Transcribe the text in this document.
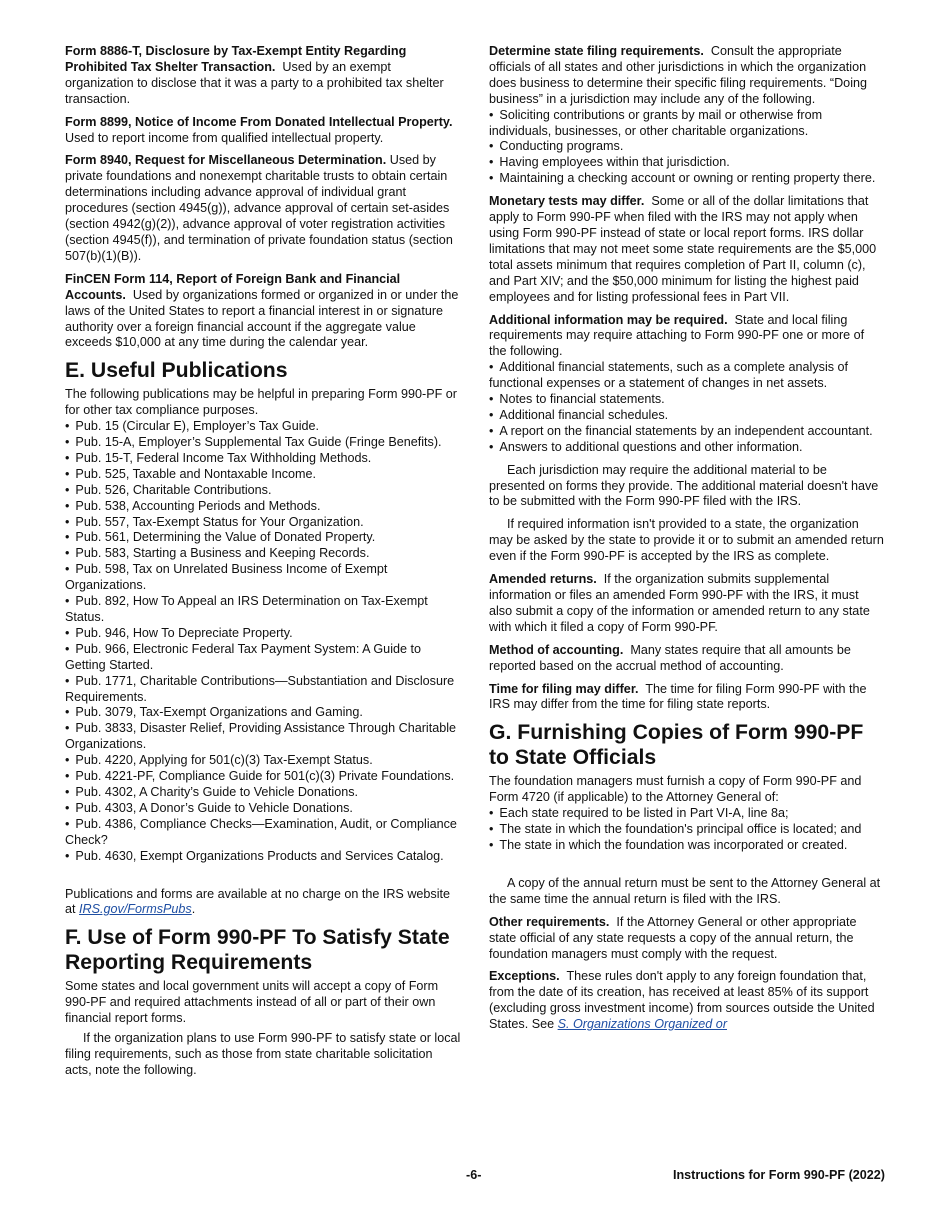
Form 8886-T, Disclosure by Tax-Exempt Entity Regarding Prohibited Tax Shelter Transaction. Used by an exempt organization to disclose that it was a party to a prohibited tax shelter transaction.

Form 8899, Notice of Income From Donated Intellectual Property.  Used to report income from qualified intellectual property.

Form 8940, Request for Miscellaneous Determination. Used by private foundations and nonexempt charitable trusts to obtain certain determinations including advance approval of individual grant procedures (section 4945(g)), advance approval of certain set-asides (section 4942(g)(2)), advance approval of voter registration activities (section 4945(f)), and termination of private foundation status (section 507(b)(1)(B)).

FinCEN Form 114, Report of Foreign Bank and Financial Accounts. Used by organizations formed or organized in or under the laws of the United States to report a financial interest in or signature authority over a foreign financial account if the aggregate value exceeds $10,000 at any time during the calendar year.

E. Useful Publications

The following publications may be helpful in preparing Form 990-PF or for other tax compliance purposes.

• Pub. 15 (Circular E), Employer’s Tax Guide.
• Pub. 15-A, Employer’s Supplemental Tax Guide (Fringe Benefits).
• Pub. 15-T, Federal Income Tax Withholding Methods.
• Pub. 525, Taxable and Nontaxable Income.
• Pub. 526, Charitable Contributions.
• Pub. 538, Accounting Periods and Methods.
• Pub. 557, Tax-Exempt Status for Your Organization.
• Pub. 561, Determining the Value of Donated Property.
• Pub. 583, Starting a Business and Keeping Records.
• Pub. 598, Tax on Unrelated Business Income of Exempt Organizations.
• Pub. 892, How To Appeal an IRS Determination on Tax-Exempt Status.
• Pub. 946, How To Depreciate Property.
• Pub. 966, Electronic Federal Tax Payment System: A Guide to Getting Started.
• Pub. 1771, Charitable Contributions—Substantiation and Disclosure Requirements.
• Pub. 3079, Tax-Exempt Organizations and Gaming.
• Pub. 3833, Disaster Relief, Providing Assistance Through Charitable Organizations.
• Pub. 4220, Applying for 501(c)(3) Tax-Exempt Status.
• Pub. 4221-PF, Compliance Guide for 501(c)(3) Private Foundations.
• Pub. 4302, A Charity’s Guide to Vehicle Donations.
• Pub. 4303, A Donor’s Guide to Vehicle Donations.
• Pub. 4386, Compliance Checks—Examination, Audit, or Compliance Check?
• Pub. 4630, Exempt Organizations Products and Services Catalog.

Publications and forms are available at no charge on the IRS website at IRS.gov/FormsPubs.

F. Use of Form 990-PF To Satisfy State Reporting Requirements

Some states and local government units will accept a copy of Form 990-PF and required attachments instead of all or part of their own financial report forms.

If the organization plans to use Form 990-PF to satisfy state or local filing requirements, such as those from state charitable solicitation acts, note the following.

Determine state filing requirements. Consult the appropriate officials of all states and other jurisdictions in which the organization does business to determine their specific filing requirements. “Doing business” in a jurisdiction may include any of the following.

• Soliciting contributions or grants by mail or otherwise from individuals, businesses, or other charitable organizations.
• Conducting programs.
• Having employees within that jurisdiction.
• Maintaining a checking account or owning or renting property there.

Monetary tests may differ. Some or all of the dollar limitations that apply to Form 990-PF when filed with the IRS may not apply when using Form 990-PF instead of state or local report forms. IRS dollar limitations that may not meet some state requirements are the $5,000 total assets minimum that requires completion of Part II, column (c), and Part XIV; and the $50,000 minimum for listing the highest paid employees and for listing professional fees in Part VII.

Additional information may be required. State and local filing requirements may require attaching to Form 990-PF one or more of the following.

• Additional financial statements, such as a complete analysis of functional expenses or a statement of changes in net assets.
• Notes to financial statements.
• Additional financial schedules.
• A report on the financial statements by an independent accountant.
• Answers to additional questions and other information.

Each jurisdiction may require the additional material to be presented on forms they provide. The additional material doesn't have to be submitted with the Form 990-PF filed with the IRS.

If required information isn't provided to a state, the organization may be asked by the state to provide it or to submit an amended return even if the Form 990-PF is accepted by the IRS as complete.

Amended returns. If the organization submits supplemental information or files an amended Form 990-PF with the IRS, it must also submit a copy of the information or amended return to any state with which it filed a copy of Form 990-PF.

Method of accounting. Many states require that all amounts be reported based on the accrual method of accounting.

Time for filing may differ. The time for filing Form 990-PF with the IRS may differ from the time for filing state reports.

G. Furnishing Copies of Form 990-PF to State Officials

The foundation managers must furnish a copy of Form 990-PF and Form 4720 (if applicable) to the Attorney General of:

• Each state required to be listed in Part VI-A, line 8a;
• The state in which the foundation's principal office is located; and
• The state in which the foundation was incorporated or created.

A copy of the annual return must be sent to the Attorney General at the same time the annual return is filed with the IRS.

Other requirements. If the Attorney General or other appropriate state official of any state requests a copy of the annual return, the foundation managers must comply with the request.

Exceptions. These rules don't apply to any foreign foundation that, from the date of its creation, has received at least 85% of its support (excluding gross investment income) from sources outside the United States. See S. Organizations Organized or

-6-	Instructions for Form 990-PF (2022)
